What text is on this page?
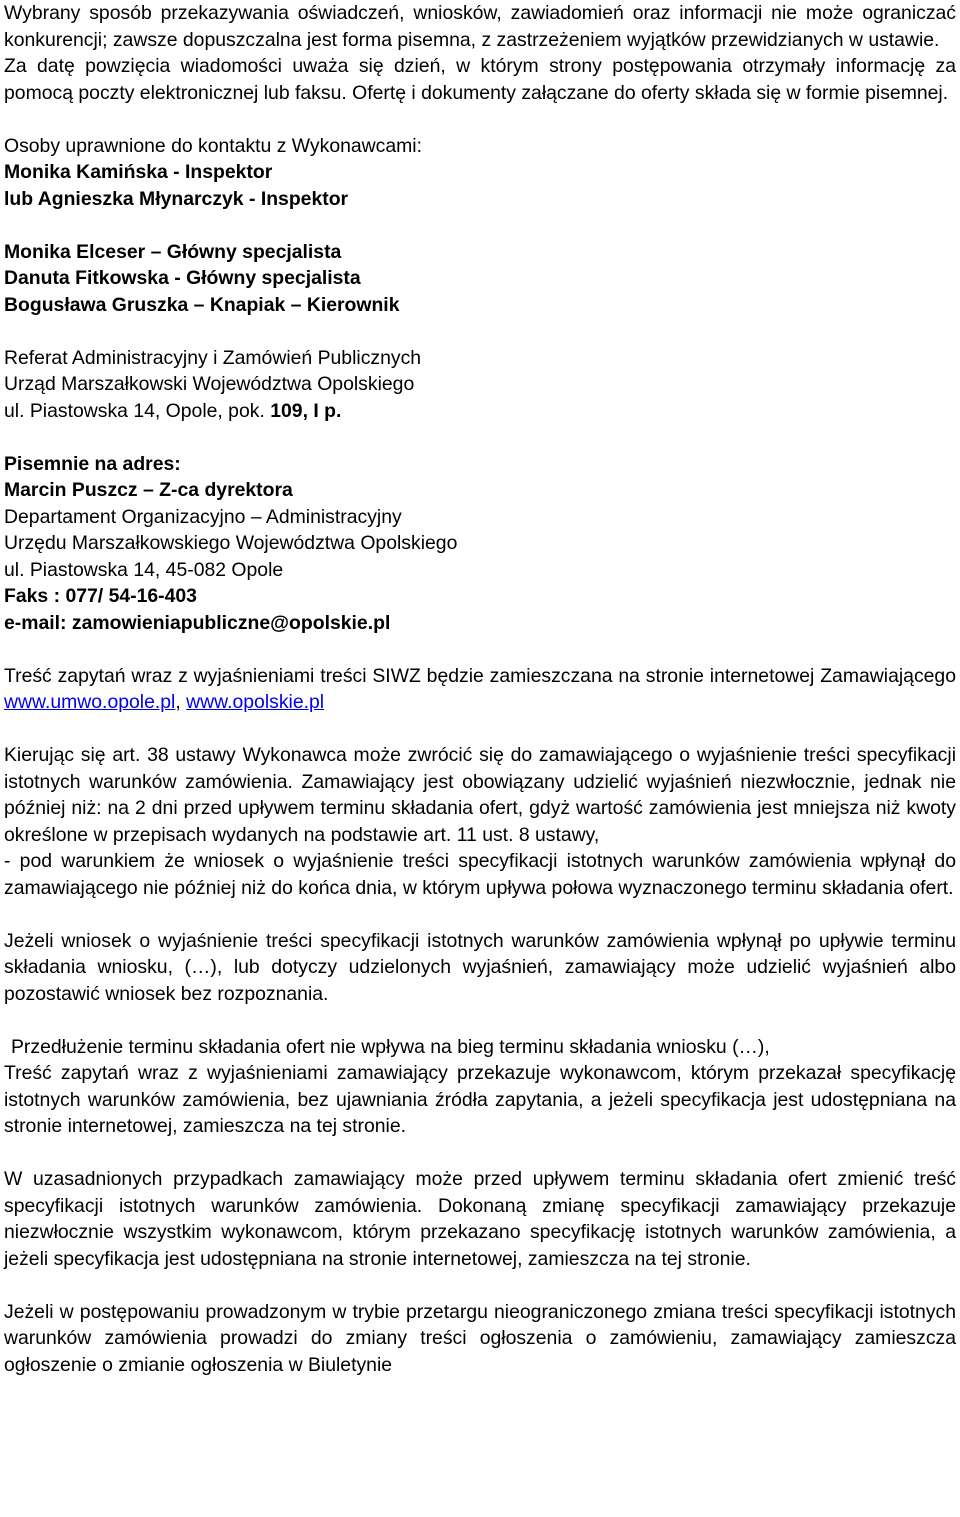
Wybrany sposób przekazywania oświadczeń, wniosków, zawiadomień oraz informacji nie może ograniczać konkurencji; zawsze dopuszczalna jest forma pisemna, z zastrzeżeniem wyjątków przewidzianych w ustawie.

Za datę powzięcia wiadomości uważa się dzień, w którym strony postępowania otrzymały informację za pomocą poczty elektronicznej lub faksu. Ofertę i dokumenty załączane do oferty składa się w formie pisemnej.

Osoby uprawnione do kontaktu z Wykonawcami:

Monika Kamińska - Inspektor

lub Agnieszka Młynarczyk - Inspektor

Monika Elceser – Główny specjalista

Danuta Fitkowska - Główny specjalista

Bogusława Gruszka – Knapiak – Kierownik

Referat Administracyjny i Zamówień Publicznych

Urząd Marszałkowski Województwa Opolskiego

ul. Piastowska 14, Opole, pok. 109, I p.

Pisemnie na adres:

Marcin Puszcz – Z-ca dyrektora

Departament Organizacyjno – Administracyjny

Urzędu Marszałkowskiego Województwa Opolskiego

ul. Piastowska 14, 45-082 Opole

Faks : 077/ 54-16-403

e-mail: zamowieniapubliczne@opolskie.pl

Treść zapytań wraz z wyjaśnieniami treści SIWZ będzie zamieszczana na stronie internetowej Zamawiającego www.umwo.opole.pl, www.opolskie.pl

Kierując się art. 38 ustawy Wykonawca może zwrócić się do zamawiającego o wyjaśnienie treści specyfikacji istotnych warunków zamówienia. Zamawiający jest obowiązany udzielić wyjaśnień niezwłocznie, jednak nie później niż: na 2 dni przed upływem terminu składania ofert, gdyż wartość zamówienia jest mniejsza niż kwoty określone w przepisach wydanych na podstawie art. 11 ust. 8 ustawy,

- pod warunkiem że wniosek o wyjaśnienie treści specyfikacji istotnych warunków zamówienia wpłynął do zamawiającego nie później niż do końca dnia, w którym upływa połowa wyznaczonego terminu składania ofert.

Jeżeli wniosek o wyjaśnienie treści specyfikacji istotnych warunków zamówienia wpłynął po upływie terminu składania wniosku, (…), lub dotyczy udzielonych wyjaśnień, zamawiający może udzielić wyjaśnień albo pozostawić wniosek bez rozpoznania.

Przedłużenie terminu składania ofert nie wpływa na bieg terminu składania wniosku (…),

Treść zapytań wraz z wyjaśnieniami zamawiający przekazuje wykonawcom, którym przekazał specyfikację istotnych warunków zamówienia, bez ujawniania źródła zapytania, a jeżeli specyfikacja jest udostępniana na stronie internetowej, zamieszcza na tej stronie.

W uzasadnionych przypadkach zamawiający może przed upływem terminu składania ofert zmienić treść specyfikacji istotnych warunków zamówienia. Dokonaną zmianę specyfikacji zamawiający przekazuje niezwłocznie wszystkim wykonawcom, którym przekazano specyfikację istotnych warunków zamówienia, a jeżeli specyfikacja jest udostępniana na stronie internetowej, zamieszcza na tej stronie.

Jeżeli w postępowaniu prowadzonym w trybie przetargu nieograniczonego zmiana treści specyfikacji istotnych warunków zamówienia prowadzi do zmiany treści ogłoszenia o zamówieniu, zamawiający zamieszcza ogłoszenie o zmianie ogłoszenia w Biuletynie
